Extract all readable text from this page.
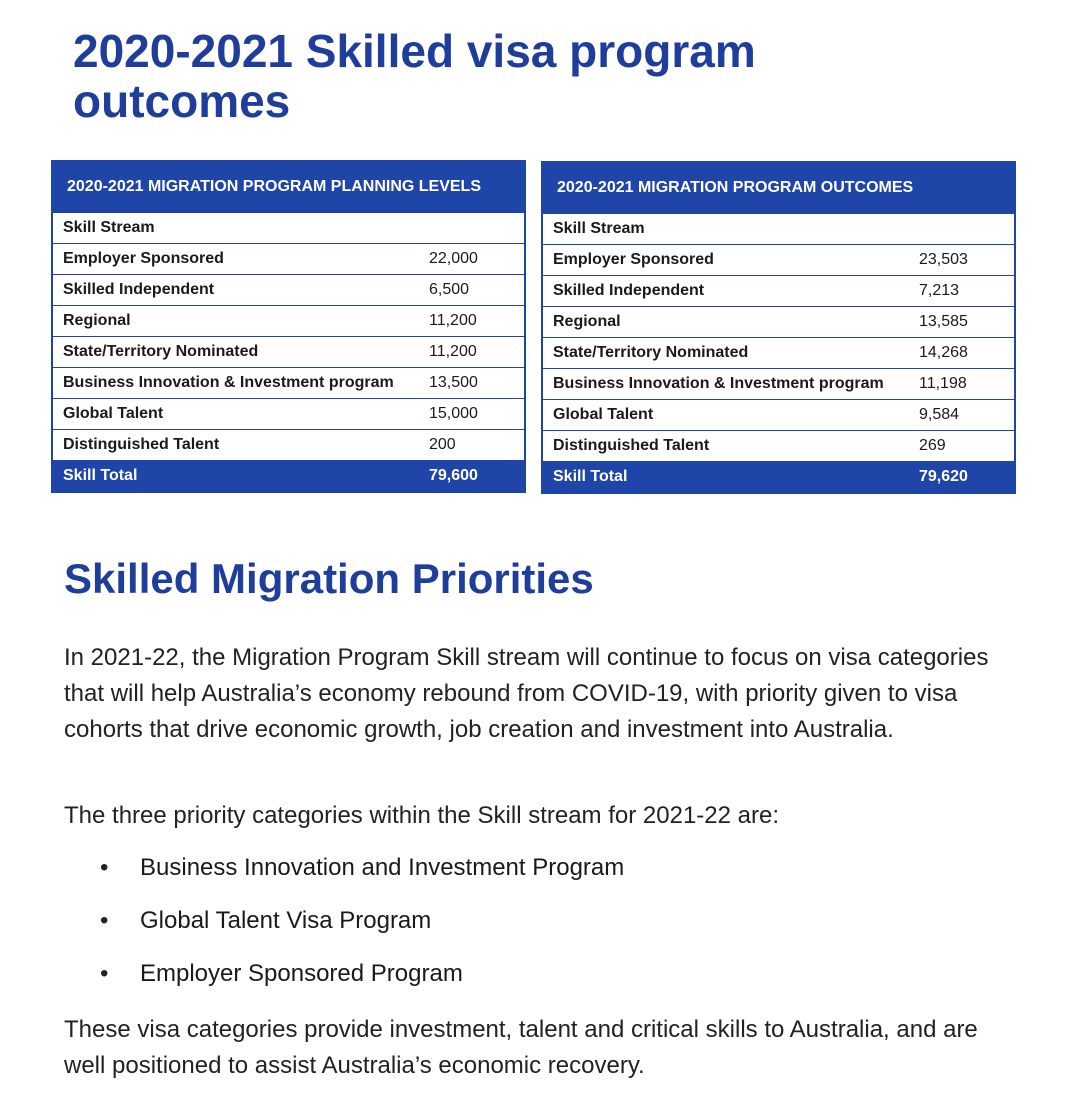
2020-2021 Skilled visa program
outcomes
2020-2021 MIGRATION PROGRAM PLANNING LEVELS	
Skill Stream	
Employer Sponsored	22,000
Skilled Independent	6,500
Regional	11,200
State/Territory Nominated	11,200
Business Innovation & Investment program	13,500
Global Talent	15,000
Distinguished Talent	200
Skill Total	79,600
2020-2021 MIGRATION PROGRAM OUTCOMES	
Skill Stream	
Employer Sponsored	23,503
Skilled Independent	7,213
Regional	13,585
State/Territory Nominated	14,268
Business Innovation & Investment program	11,198
Global Talent	9,584
Distinguished Talent	269
Skill Total	79,620
Skilled Migration Priorities

In 2021-22, the Migration Program Skill stream will continue to focus on visa categories that will help Australia’s economy rebound from COVID-19, with priority given to visa cohorts that drive economic growth, job creation and investment into Australia.

The three priority categories within the Skill stream for 2021-22 are:

• Business Innovation and Investment Program
• Global Talent Visa Program
• Employer Sponsored Program

These visa categories provide investment, talent and critical skills to Australia, and are well positioned to assist Australia’s economic recovery.
